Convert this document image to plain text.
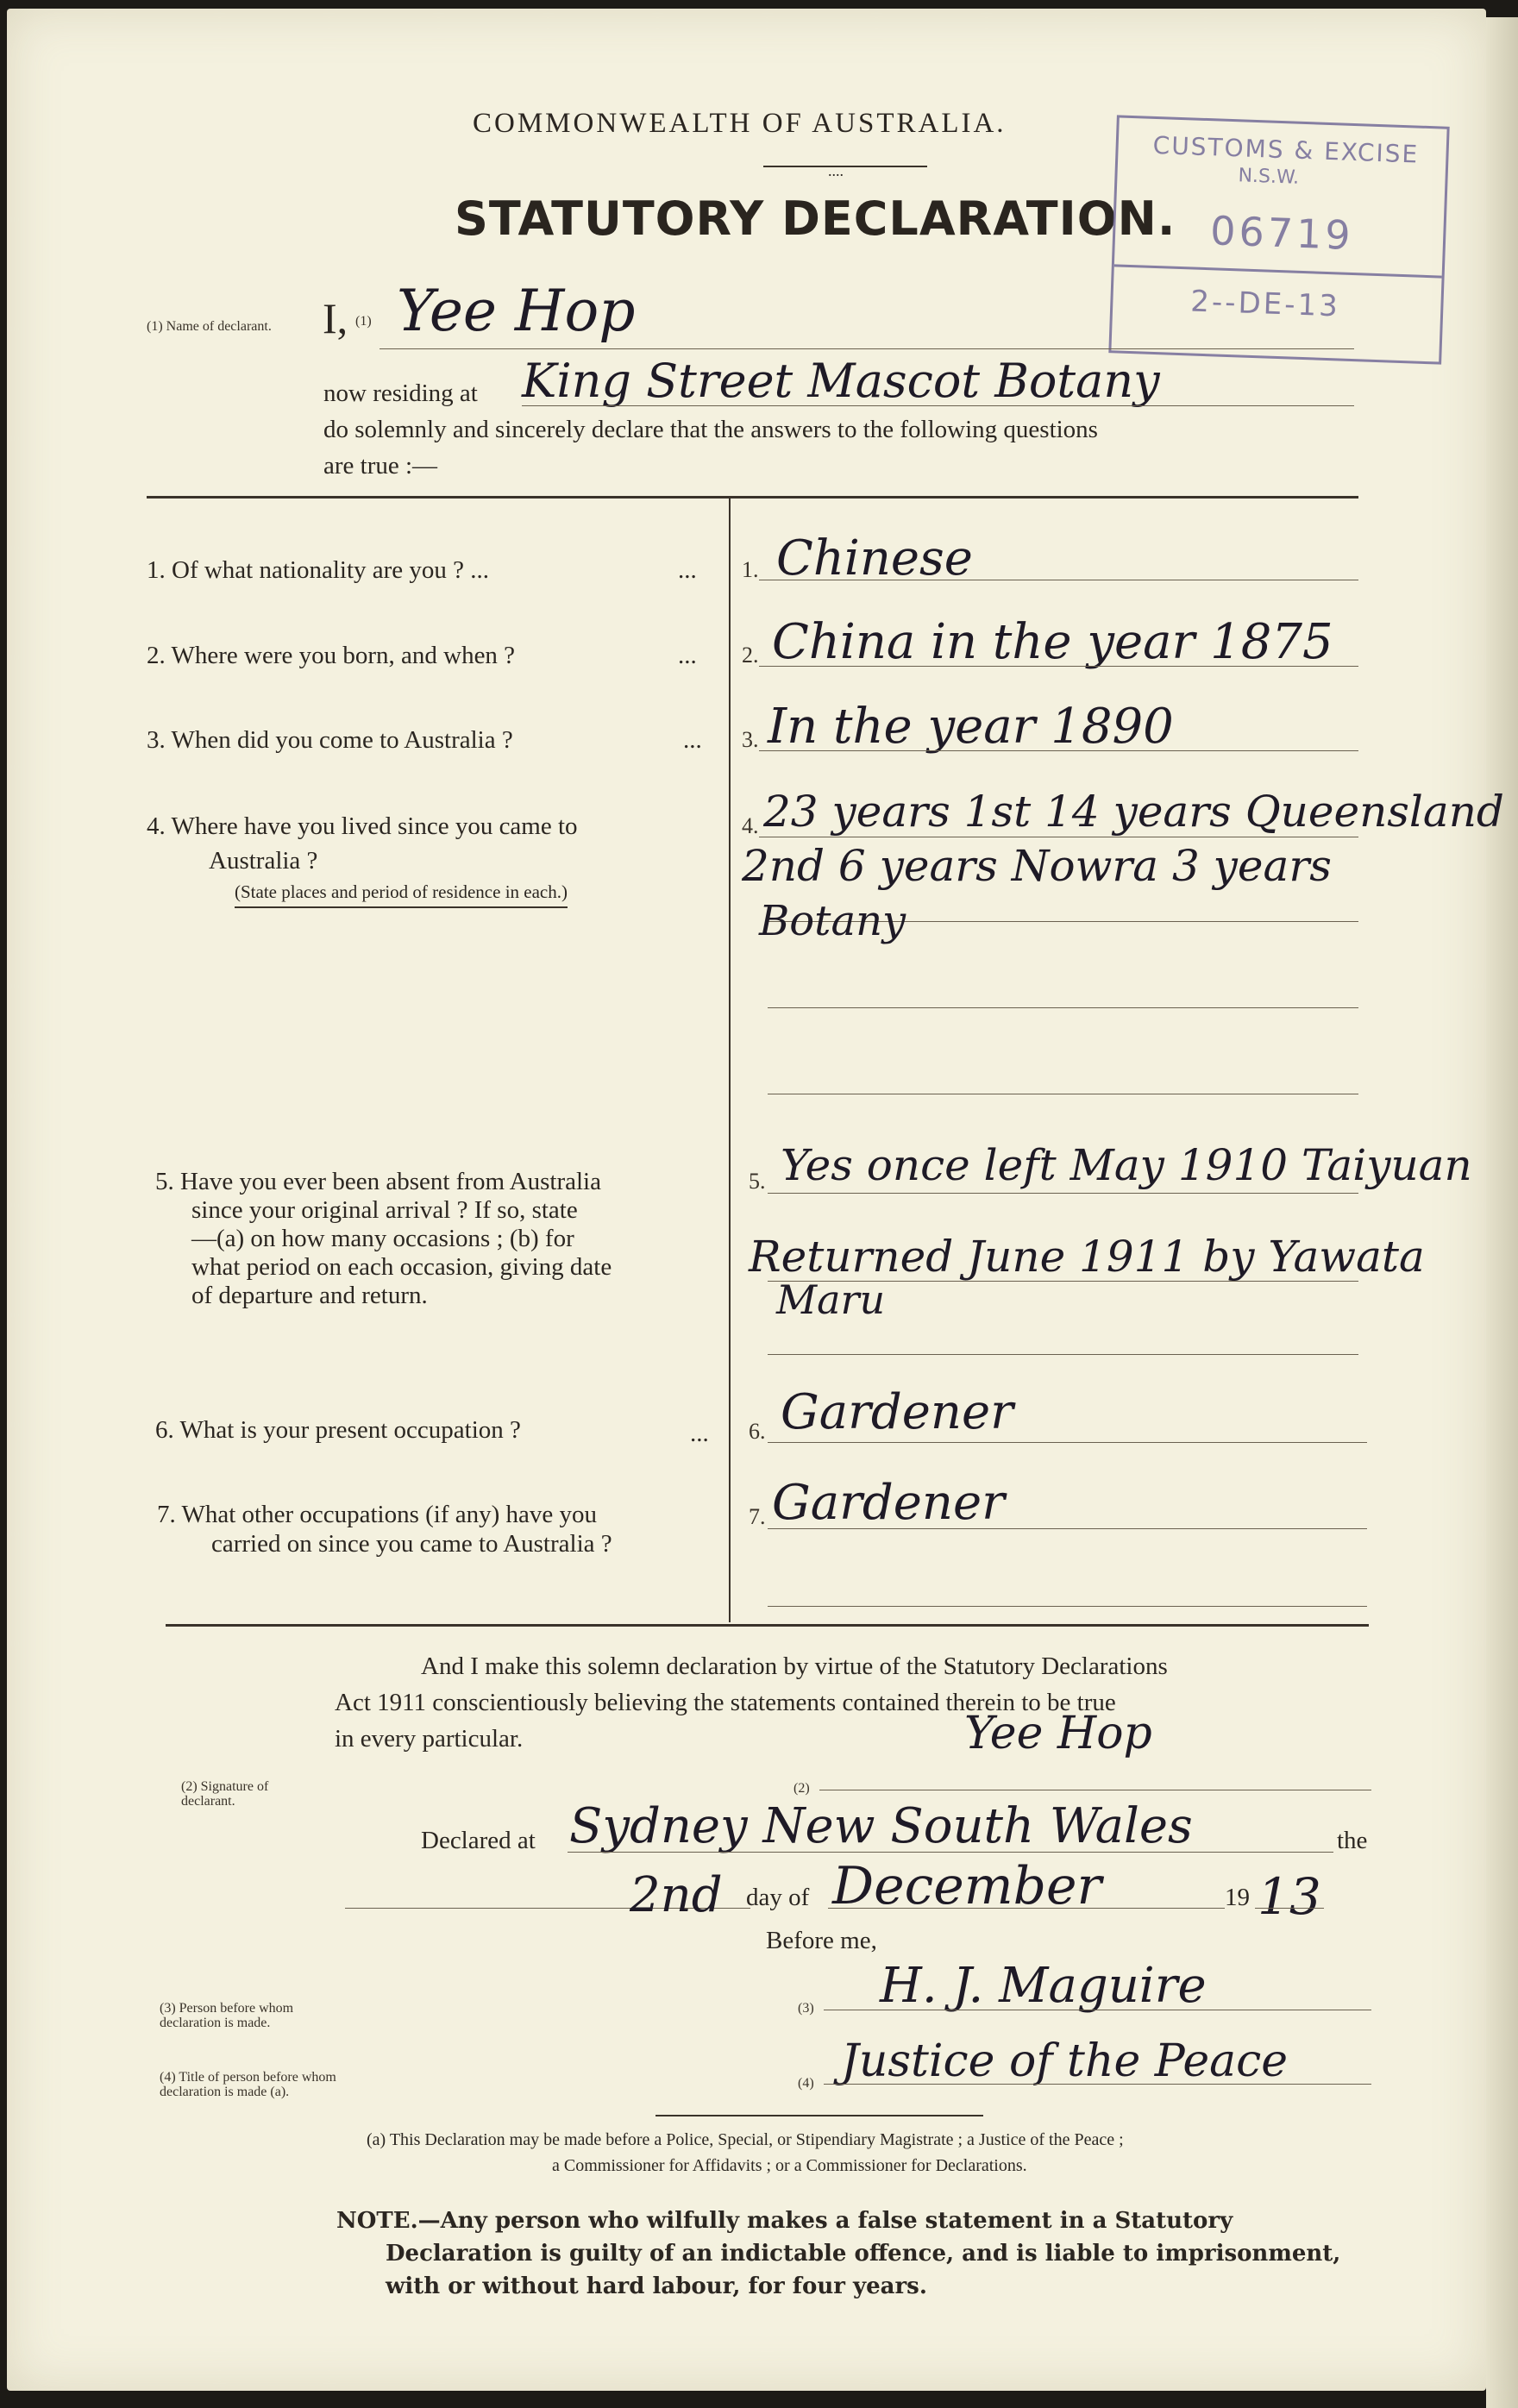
COMMONWEALTH OF AUSTRALIA.
....
STATUTORY DECLARATION.
CUSTOMS & EXCISE
N.S.W.
06719
2--DE-13
(1) Name of declarant. I, (1) Yee Hop
now residing at King Street Mascot Botany
do solemnly and sincerely declare that the answers to the following questions
are true :—
1. Of what nationality are you ? ...	... 1. Chinese
2. Where were you born, and when ?	... 2. China in the year 1875
3. When did you come to Australia ?	... 3. In the year 1890
4. Where have you lived since you came to
Australia ?
(State places and period of residence in each.)
4. 23 years 1st 14 years Queensland
2nd 6 years Nowra 3 years
Botany
5. Have you ever been absent from Australia
since your original arrival ? If so, state
—(a) on how many occasions ; (b) for
what period on each occasion, giving date
of departure and return.
5. Yes once left May 1910 Taiyuan
Returned June 1911 by Yawata
Maru
6. What is your present occupation ?	... 6. Gardener
7. What other occupations (if any) have you
carried on since you came to Australia ?
7. Gardener
And I make this solemn declaration by virtue of the Statutory Declarations
Act 1911 conscientiously believing the statements contained therein to be true
in every particular.
(2) Signature of declarant.
Yee Hop
(2)
Declared at Sydney New South Wales	the
2nd day of December	19 13
Before me,
(3) Person before whom declaration is made.
(3) H. J. Maguire
(4) Title of person before whom declaration is made (a).
(4) Justice of the Peace
(a) This Declaration may be made before a Police, Special, or Stipendiary Magistrate ; a Justice of the Peace ;
a Commissioner for Affidavits ; or a Commissioner for Declarations.
NOTE.—Any person who wilfully makes a false statement in a Statutory
Declaration is guilty of an indictable offence, and is liable to imprisonment,
with or without hard labour, for four years.
